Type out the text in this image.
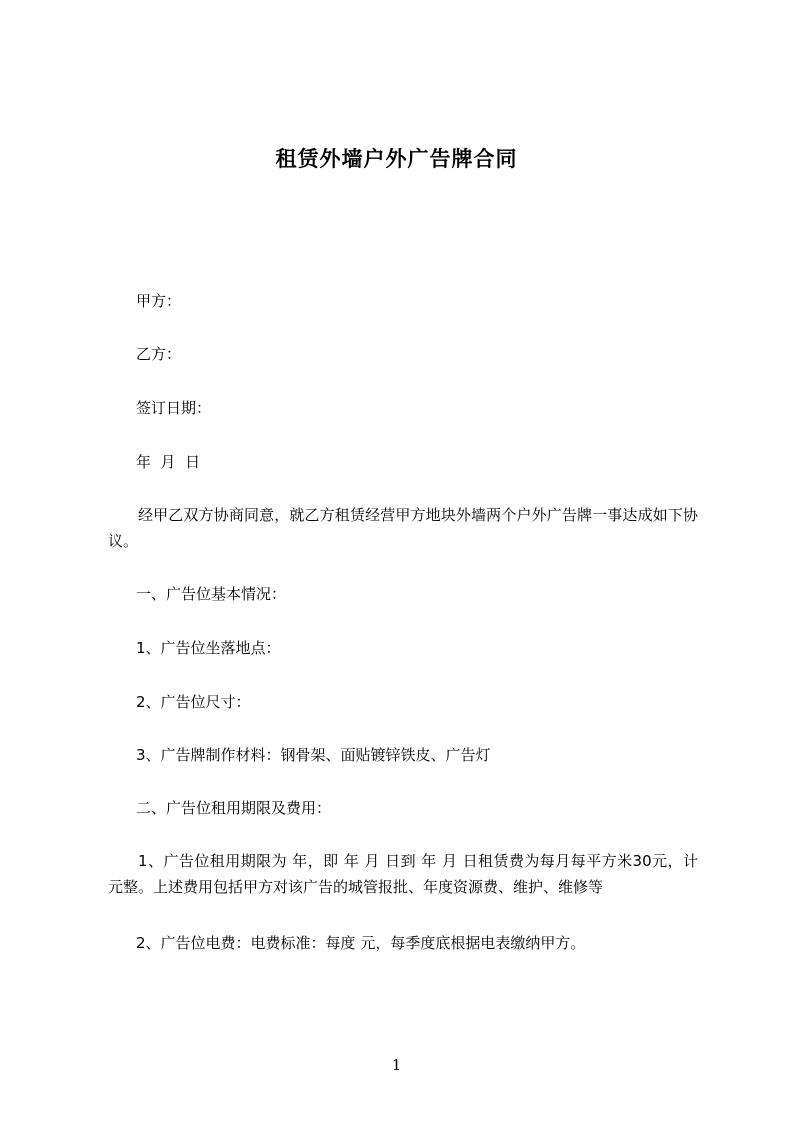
租赁外墙户外广告牌合同

甲方：

乙方：

签订日期：

年  月  日

经甲乙双方协商同意，就乙方租赁经营甲方地块外墙两个户外广告牌一事达成如下协议。

一、广告位基本情况：

1、广告位坐落地点：

2、广告位尺寸：

3、广告牌制作材料：钢骨架、面贴镀锌铁皮、广告灯

二、广告位租用期限及费用：

1、广告位租用期限为 年，即 年 月 日到 年 月 日租赁费为每月每平方米30元，计  元整。上述费用包括甲方对该广告的城管报批、年度资源费、维护、维修等

2、广告位电费：电费标准：每度 元，每季度底根据电表缴纳甲方。

1
